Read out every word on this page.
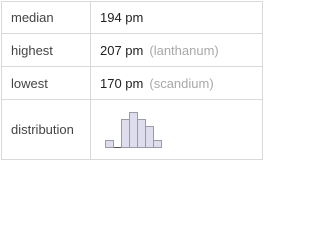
median	194 pm
highest	207 pm (lanthanum)
lowest	170 pm (scandium)
distribution	
